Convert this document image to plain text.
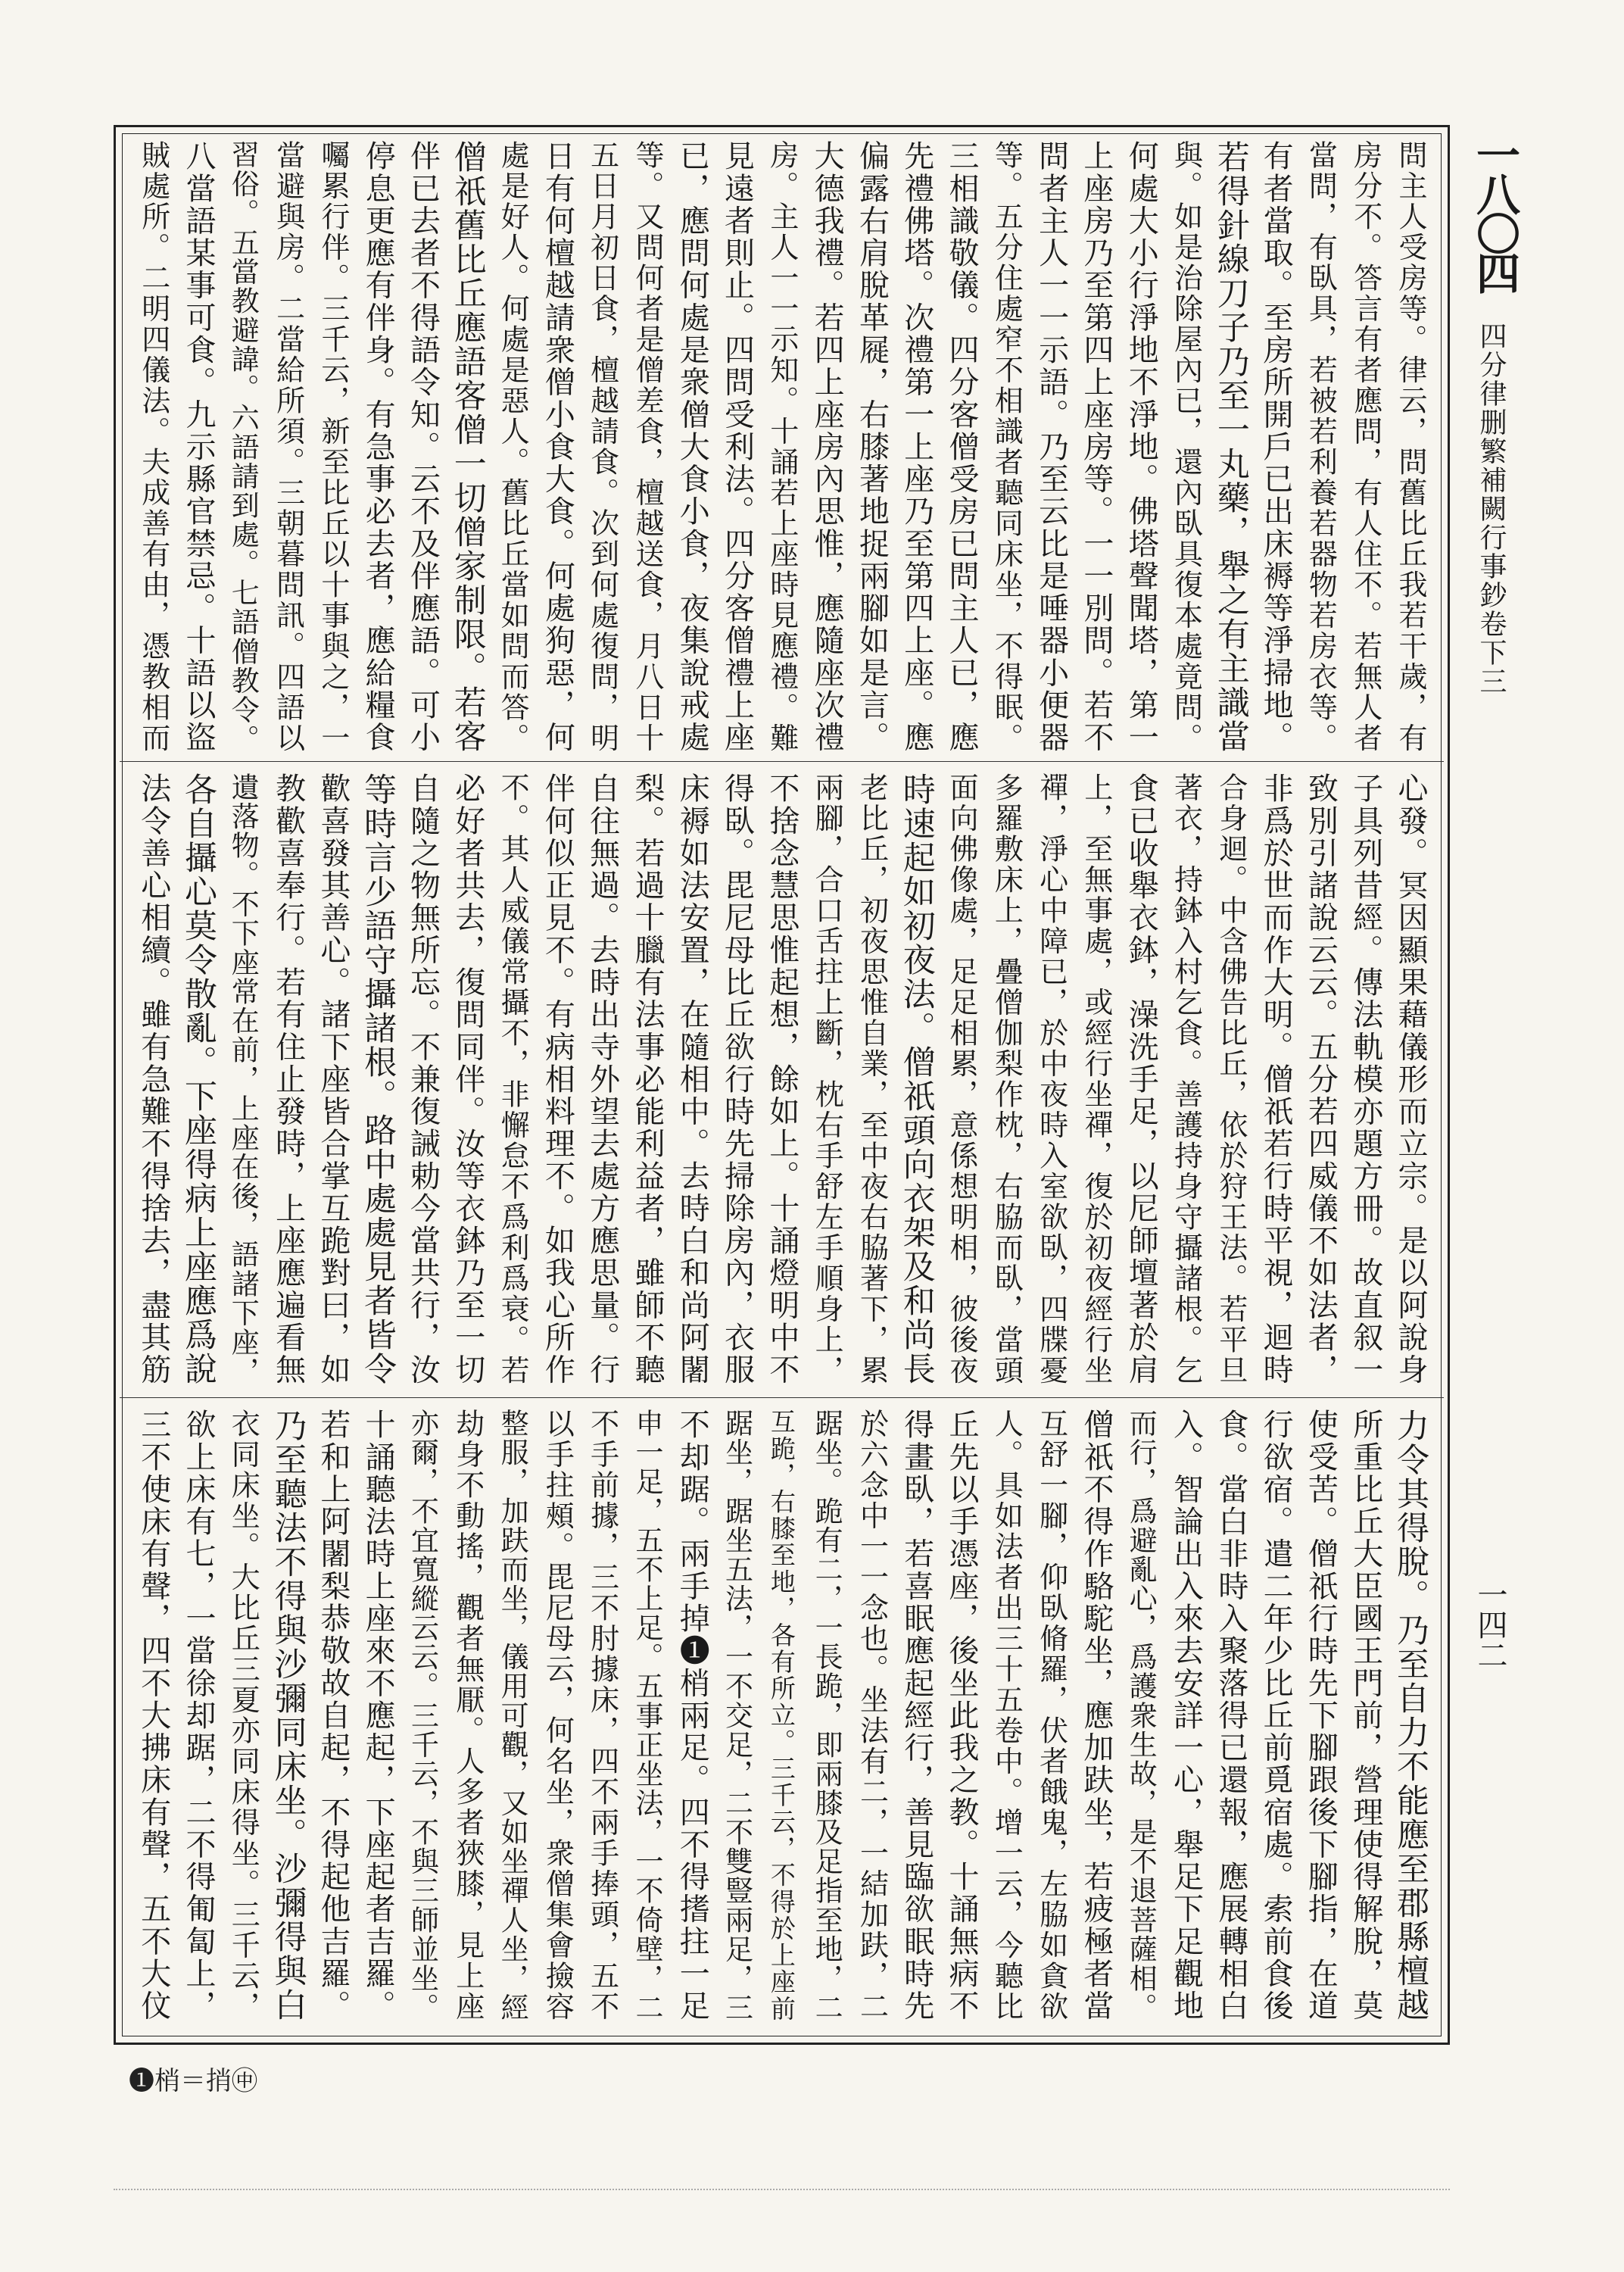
一八〇四
四分律删繁補闕行事鈔卷下三
一四二
問主人受房等。律云，問舊比丘我若干歲，有
房分不。答言有者應問，有人住不。若無人者
當問，有臥具，若被若利養若器物若房衣等。
有者當取。至房所開戶已出床褥等淨掃地。
若得針線刀子乃至一丸藥，舉之有主識當
與。如是治除屋內已，還內臥具復本處竟問。
何處大小行淨地不淨地。佛塔聲聞塔，第一
上座房乃至第四上座房等。一一別問。若不
問者主人一一示語。乃至云比是唾器小便器
等。五分住處窄不相識者聽同床坐，不得眠。
三相識敬儀。四分客僧受房已問主人已，應
先禮佛塔。次禮第一上座乃至第四上座。應
偏露右肩脫革屣，右膝著地捉兩腳如是言。
大德我禮。若四上座房內思惟，應隨座次禮
房。主人一一示知。十誦若上座時見應禮。難
見遠者則止。四問受利法。四分客僧禮上座
已，應問何處是衆僧大食小食，夜集說戒處
等。又問何者是僧差食，檀越送食，月八日十
五日月初日食，檀越請食。次到何處復問，明
日有何檀越請衆僧小食大食。何處狗惡，何
處是好人。何處是惡人。舊比丘當如問而答。
僧祇舊比丘應語客僧一切僧家制限。若客
伴已去者不得語令知。云不及伴應語。可小
停息更應有伴身。有急事必去者，應給糧食
囑累行伴。三千云，新至比丘以十事與之，一
當避與房。二當給所須。三朝暮問訊。四語以
習俗。五當教避諱。六語請到處。七語僧教令。
八當語某事可食。九示縣官禁忌。十語以盜
賊處所。二明四儀法。夫成善有由，憑教相而
心發。冥因顯果藉儀形而立宗。是以阿說身
子具列昔經。傳法軌模亦題方冊。故直叙一
致別引諸說云云。五分若四威儀不如法者，
非爲於世而作大明。僧祇若行時平視，迴時
合身迴。中含佛告比丘，依於狩王法。若平旦
著衣，持鉢入村乞食。善護持身守攝諸根。乞
食已收舉衣鉢，澡洗手足，以尼師壇著於肩
上，至無事處，或經行坐禪，復於初夜經行坐
禪，淨心中障已，於中夜時入室欲臥，四牒憂
多羅敷床上，疊僧伽梨作枕，右脇而臥，當頭
面向佛像處，足足相累，意係想明相，彼後夜
時速起如初夜法。僧祇頭向衣架及和尚長
老比丘，初夜思惟自業，至中夜右脇著下，累
兩腳，合口舌拄上斷，枕右手舒左手順身上，
不捨念慧思惟起想，餘如上。十誦燈明中不
得臥。毘尼母比丘欲行時先掃除房內，衣服
床褥如法安置，在隨相中。去時白和尚阿闍
梨。若過十臘有法事必能利益者，雖師不聽
自往無過。去時出寺外望去處方應思量。行
伴何似正見不。有病相料理不。如我心所作
不。其人威儀常攝不，非懈怠不爲利爲衰。若
必好者共去，復問同伴。汝等衣鉢乃至一切
自隨之物無所忘。不兼復誡勅今當共行，汝
等時言少語守攝諸根。路中處處見者皆令
歡喜發其善心。諸下座皆合掌互跪對曰，如
教歡喜奉行。若有住止發時，上座應遍看無
遺落物。不下座常在前，上座在後，語諸下座，
各自攝心莫令散亂。下座得病上座應爲說
法令善心相續。雖有急難不得捨去，盡其筋
力令其得脫。乃至自力不能應至郡縣檀越
所重比丘大臣國王門前，營理使得解脫，莫
使受苦。僧祇行時先下腳跟後下腳指，在道
行欲宿。遣二年少比丘前覓宿處。索前食後
食。當白非時入聚落得已還報，應展轉相白
入。智論出入來去安詳一心，舉足下足觀地
而行，爲避亂心，爲護衆生故，是不退菩薩相。
僧祇不得作駱駝坐，應加趺坐，若疲極者當
互舒一腳，仰臥脩羅，伏者餓鬼，左脇如貪欲
人。具如法者出三十五卷中。增一云，今聽比
丘先以手憑座，後坐此我之教。十誦無病不
得畫臥，若喜眠應起經行，善見臨欲眠時先
於六念中一一念也。坐法有二，一結加趺，二
踞坐。跪有二，一長跪，即兩膝及足指至地，二
互跪，右膝至地，各有所立。三千云，不得於上座前
踞坐，踞坐五法，一不交足，二不雙豎兩足，三
不却踞。兩手掉❶梢兩足。四不得搘拄一足
申一足，五不上足。五事正坐法，一不倚壁，二
不手前據，三不肘據床，四不兩手捧頭，五不
以手拄頰。毘尼母云，何名坐，衆僧集會撿容
整服，加趺而坐，儀用可觀，又如坐禪人坐，經
劫身不動搖，觀者無厭。人多者狹膝，見上座
亦爾，不宜寬縱云云。三千云，不與三師並坐。
十誦聽法時上座來不應起，下座起者吉羅。
若和上阿闍梨恭敬故自起，不得起他吉羅。
乃至聽法不得與沙彌同床坐。沙彌得與白
衣同床坐。大比丘三夏亦同床得坐。三千云，
欲上床有七，一當徐却踞，二不得匍匐上，
三不使床有聲，四不大拂床有聲，五不大伩
❶梢＝捎㊥
